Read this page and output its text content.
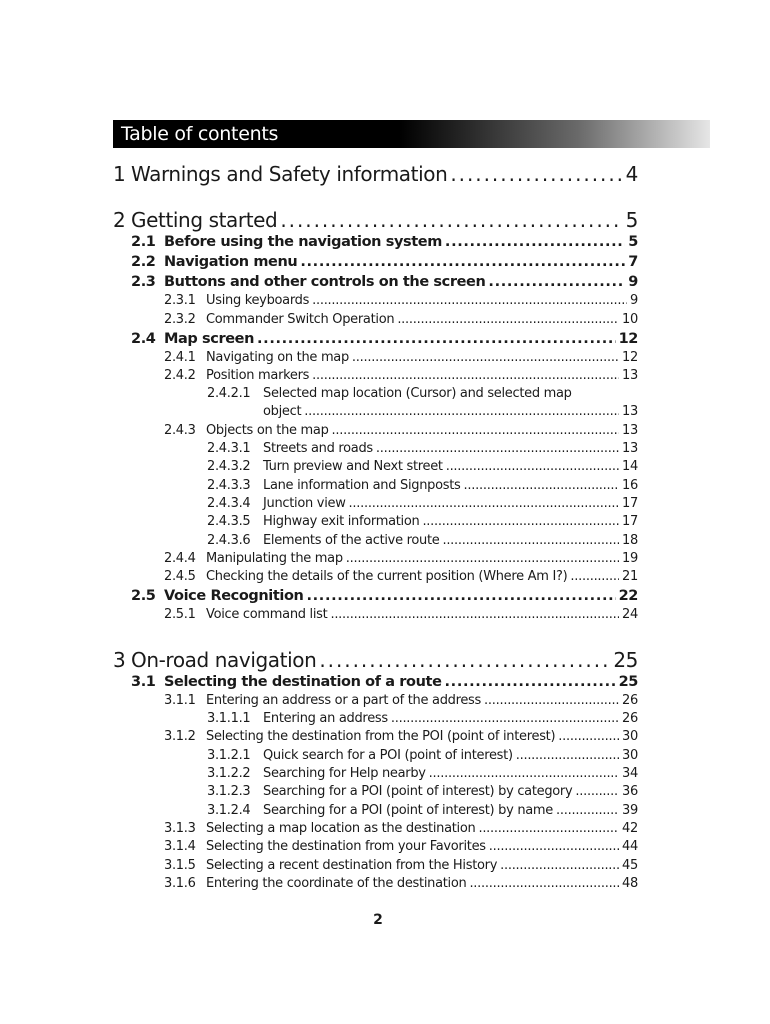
Table of contents
1 Warnings and Safety information . . .	4
2 Getting started . . .	5
2.1 Before using the navigation system . . .	5
2.2 Navigation menu . . .	7
2.3 Buttons and other controls on the screen . . .	9
2.3.1 Using keyboards . . .	9
2.3.2 Commander Switch Operation . . .	10
2.4 Map screen . . .	12
2.4.1 Navigating on the map . . .	12
2.4.2 Position markers . . .	13
2.4.2.1 Selected map location (Cursor) and selected map
object . . .	13
2.4.3 Objects on the map . . .	13
2.4.3.1 Streets and roads . . .	13
2.4.3.2 Turn preview and Next street . . .	14
2.4.3.3 Lane information and Signposts . . .	16
2.4.3.4 Junction view . . .	17
2.4.3.5 Highway exit information . . .	17
2.4.3.6 Elements of the active route . . .	18
2.4.4 Manipulating the map . . .	19
2.4.5 Checking the details of the current position (Where Am I?) . . .	21
2.5 Voice Recognition . . .	22
2.5.1 Voice command list . . .	24
3 On-road navigation . . .	25
3.1 Selecting the destination of a route . . .	25
3.1.1 Entering an address or a part of the address . . .	26
3.1.1.1 Entering an address . . .	26
3.1.2 Selecting the destination from the POI (point of interest) . . .	30
3.1.2.1 Quick search for a POI (point of interest) . . .	30
3.1.2.2 Searching for Help nearby . . .	34
3.1.2.3 Searching for a POI (point of interest) by category . . .	36
3.1.2.4 Searching for a POI (point of interest) by name . . .	39
3.1.3 Selecting a map location as the destination . . .	42
3.1.4 Selecting the destination from your Favorites . . .	44
3.1.5 Selecting a recent destination from the History . . .	45
3.1.6 Entering the coordinate of the destination . . .	48
2
